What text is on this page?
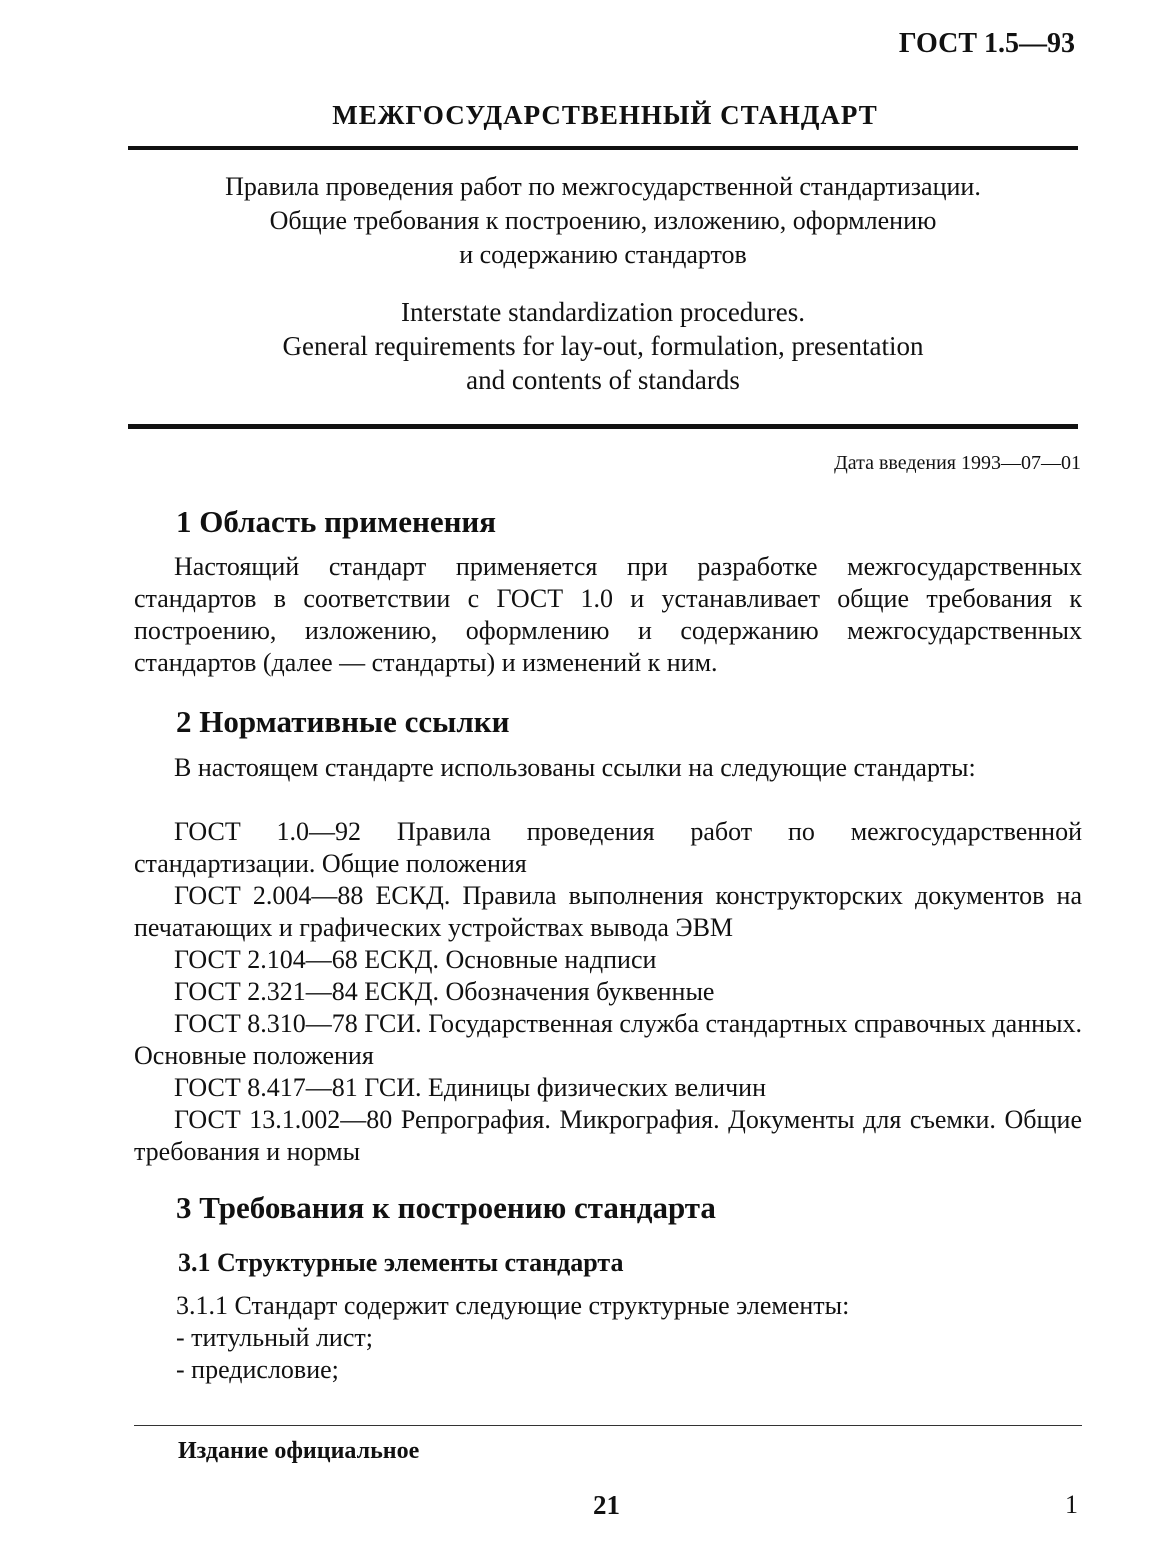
ГОСТ 1.5—93
МЕЖГОСУДАРСТВЕННЫЙ СТАНДАРТ
Правила проведения работ по межгосударственной стандартизации.
Общие требования к построению, изложению, оформлению
и содержанию стандартов
Interstate standardization procedures.
General requirements for lay-out, formulation, presentation
and contents of standards
Дата введения 1993—07—01
1 Область применения
Настоящий стандарт применяется при разработке межгосударственных стандартов в соответствии с ГОСТ 1.0 и устанавливает общие требования к построению, изложению, оформлению и содержанию межгосударственных стандартов (далее — стандарты) и изменений к ним.
2 Нормативные ссылки
В настоящем стандарте использованы ссылки на следующие стандарты:
ГОСТ 1.0—92 Правила проведения работ по межгосударственной стандартизации. Общие положения
ГОСТ 2.004—88 ЕСКД. Правила выполнения конструкторских документов на печатающих и графических устройствах вывода ЭВМ
ГОСТ 2.104—68 ЕСКД. Основные надписи
ГОСТ 2.321—84 ЕСКД. Обозначения буквенные
ГОСТ 8.310—78 ГСИ. Государственная служба стандартных справочных данных. Основные положения
ГОСТ 8.417—81 ГСИ. Единицы физических величин
ГОСТ 13.1.002—80 Репрография. Микрография. Документы для съемки. Общие требования и нормы
3 Требования к построению стандарта
3.1 Структурные элементы стандарта
3.1.1 Стандарт содержит следующие структурные элементы:
- титульный лист;
- предисловие;
Издание официальное
21	1
